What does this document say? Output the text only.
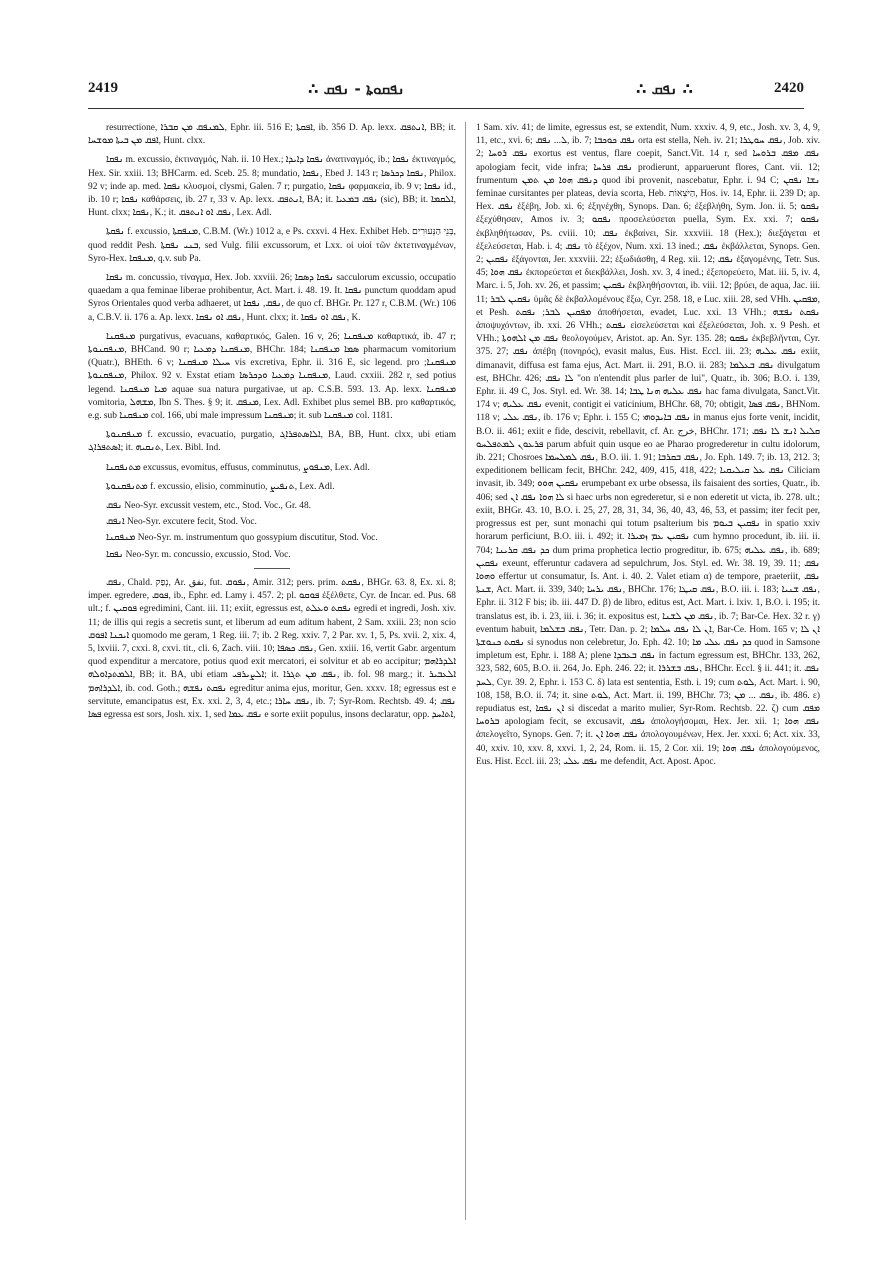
2419	ܢܦܩܘܬܐ - ܢܦܩ ∴	∴ ܢܦܩ ∴	2420

resurrectione, ܠܡܢܦܩ ܡܢ ܩܒܪܐ, Ephr. iii. 516 E; ܐܦܩܬܐ, ib. 356 D. Ap. lexx. ܐܢܬܦܩ, BB; it. ܐܦܩ ܡܢ ܒܝܬܐ ܡܘܫܚܐ, Hunt. clxx.

ܢܦܩܐ m. excussio, ἐκτιναγμός, Nah. ii. 10 Hex.; ܢܦܩܐ ܕܐܝܕܐ ἀνατιναγμός, ib.; ܢܦܩܐ ἐκτιναγμός, Hex. Sir. xxiii. 13; BHCarm. ed. Sceb. 25. 8; mundatio, ܢܦܩܐ, Ebed J. 143 r; ܢܦܩܐ ܕܟܪܣܐ, Philox. 92 v; inde ap. med. ܢܦܩܐ κλυσμοί, clysmi, Galen. 7 r; purgatio, ܢܦܩܐ φαρμακεία, ib. 9 v; ܢܦܩܐ id., ib. 10 r; ܢܦܩܐ καθάρσεις, ib. 27 r, 33 v. Ap. lexx. ܐܢܬܦܩ, BA; it. ܢܦܩ ܒܡܥܝܐ (sic), BB; it. ܐܠܩܡܐ, Hunt. clxx; ܢܦܩܐ, K.; it. ܢܦܩ ܐܘ ܐܢܬܦܩ, Lex. Adl.

ܢܦܩܬܐ f. excussio, ܡܢܦܩܬܐ, C.B.M. (Wr.) 1012 a, e Ps. cxxvi. 4 Hex. Exhibet Heb. בְּנֵי הַנְּעוּרִים, quod reddit Pesh. ܒܢܝ ܢܦܩܬܐ, sed Vulg. filii excussorum, et Lxx. οἱ υἱοὶ τῶν ἐκτετιναγμένων, Syro-Hex. ܡܢܦܩܐ, q.v. sub Pa.

ܢܦܩܐ m. concussio, τίναγμα, Hex. Job. xxviii. 26; ܢܦܩܐ ܕܣܩܐ sacculorum excussio, occupatio quaedam a qua feminae liberae prohibentur, Act. Mart. i. 48. 19. It. ܢܦܩܐ punctum quoddam apud Syros Orientales quod verba adhaeret, ut ܢܦܩ, ܢܦܩܐ, de quo cf. BHGr. Pr. 127 r, C.B.M. (Wr.) 106 a, C.B.V. ii. 176 a. Ap. lexx. ܢܦܩ ܐܘ ܢܦܩܐ, Hunt. clxx; it. ܢܦܩ ܐܘ ܢܦܩܐ, K.

ܡܢܦܩܢܐ purgativus, evacuans, καθαρτικός, Galen. 16 v, 26; ܡܢܦܩܢܐ καθαρτικά, ib. 47 r; ܡܢܦܩܢܘܬܐ, BHCand. 90 r; ܡܢܦܩܢܐ ܕܡܥܝܐ, BHChr. 184; ܣܡܐ ܡܢܦܩܢܐ pharmacum vomitorium (Quatr.), BHEth. 6 v; ܚܝܠܐ ܡܢܦܩܢܐ vis excretiva, Ephr. ii. 316 E, sic legend. pro ܡܢܦܩܢܐ; ܡܢܦܩܢܘܬܐ, Philox. 92 v. Exstat etiam ܡܢܦܩܢܐ ܕܡܥܝܐ ܘܕܟܪܣܐ, Laud. cxxiii. 282 r, sed potius legend. ܡܝܐ ܡܢܦܩܢܐ aquae sua natura purgativae, ut ap. C.S.B. 593. 13. Ap. lexx. ܡܢܦܩܢܐ vomitoria, ܡܫܗܠ, Ibn S. Thes. § 9; it. ܡܢܦܩ, Lex. Adl. Exhibet plus semel BB. pro καθαρτικός, e.g. sub ܡܢܦܩܢܐ col. 166, ubi male impressum ܡܢܦܩܢܐ; it. sub ܡܢܦܩܢܐ col. 1181.

ܡܢܦܩܢܘܬܐ f. excussio, evacuatio, purgatio, ܐܠܐܣܬܦܪܐܓ, BA, BB, Hunt. clxx, ubi etiam ܐܣܬܦܪܐܓ; it. ܬܢܩܝܗ, Lex. Bibl. Ind.

ܡܬܢܦܩܢܐ excussus, evomitus, effusus, comminutus, ܡܢܦܘܨ, Lex. Adl.

ܡܬܢܦܩܢܘܬܐ f. excussio, elisio, comminutio, ܬܢܦܝܨ, Lex. Adl.

ܢܦܩ Neo-Syr. excussit vestem, etc., Stod. Voc., Gr. 48.

ܐܢܦܩ Neo-Syr. excutere fecit, Stod. Voc.

ܡܢܦܩܢܐ Neo-Syr. m. instrumentum quo gossypium discutitur, Stod. Voc.

ܢܦܩܐ Neo-Syr. m. concussio, excussio, Stod. Voc.

ܢܦܩ, Chald. נְפַק, Ar. نفق, fut. ܢܦܘܩ, Amir. 312; pers. prim. ܢܦܩܬ, BHGr. 63. 8, Ex. xi. 8; imper. egredere, ܦܘܩ, ib., Ephr. ed. Lamy i. 457. 2; pl. ܦܘܩܘ ἐξέλθετε, Cyr. de Incar. ed. Pus. 68 ult.; f. ܦܘܩܝܢ egredimini, Cant. iii. 11; exiit, egressus est, ܢܦܩܬ ܘܥܠܬ egredi et ingredi, Josh. xiv. 11; de illis qui regis a secretis sunt, et liberum ad eum aditum habent, 2 Sam. xxiii. 23; non scio ܐܝܟܢܐ ܐܦܘܩ quomodo me geram, 1 Reg. iii. 7; ib. 2 Reg. xxiv. 7, 2 Par. xv. 1, 5, Ps. xvii. 2, xix. 4, 5, lxviii. 7, cxxi. 8, cxvi. tit., cli. 6, Zach. viii. 10; ܢܦܩ ܟܣܦܐ, Gen. xxiii. 16, vertit Gabr. argentum quod expenditur a mercatore, potius quod exit mercatori, ei solvitur et ab eo accipitur; ܐܠܕܪܐܗܡ ܐܠܡܬܕܐܘܠܗ, BB; it. BA, ubi etiam ܐܠܨܝܪܦܝ; it. ܢܦܩ ܡܢ ܬܓܪܐ, ib. fol. 98 marg.; it. ܐܠܥܒܝܪ ܐܠܕܪܐܗܡ, ib. cod. Goth.; ܢܦܩܬ ܢܦܫܗ egreditur anima ejus, moritur, Gen. xxxv. 18; egressus est e servitute, emancipatus est, Ex. xxi. 2, 3, 4, etc.; ܢܦܩ ܚܐܪܐ, ib. 7; Syr-Rom. Rechtsb. 49. 4; ܢܦܩ ܦܣܐ egressa est sors, Josh. xix. 1, sed ܢܦܩ ܥܡܐ e sorte exiit populus, insons declaratur, opp. ܐܬܐܚܕ,

1 Sam. xiv. 41; de limite, egressus est, se extendit, Num. xxxiv. 4, 9, etc., Josh. xv. 3, 4, 9, 11, etc., xvi. 6; ܠ... ܢܦܩ, ib. 7; ܢܦܩ ܟܘܟܒܐ orta est stella, Neh. iv. 21; ܢܦܩ ܚܘܛܪܐ, Job. xiv. 2; ܢܦܩ ܪܘܚܐ exortus est ventus, flare coepit, Sanct.Vit. 14 r, sed ܢܦܩ ܡܦܩ ܒܪܘܚܐ apologiam fecit, vide infra; ܢܦܩ ܦܪܚܐ prodierunt, apparuerunt flores, Cant. vii. 12; frumentum ܕܢܦܩ ܗܘܐ ܡܢ ܬܡܢ quod ibi provenit, nascebatur, Ephr. i. 94 C; ܢܫܐ ܢܦܩܢ feminae cursitantes per plateas, devia scorta, Heb. הַיֹּצְאוֹת, Hos. iv. 14, Ephr. ii. 239 D; ap. Hex. ܢܦܩ ἐξέβη, Job. xi. 6; ἐξηνέχθη, Synops. Dan. 6; ἐξεβλήθη, Sym. Jon. ii. 5; ܢܦܩܘ ἐξεχύθησαν, Amos iv. 3; ܢܦܩܘ προσελεύσεται puella, Sym. Ex. xxi. 7; ܢܦܩܘ ἐκβληθήτωσαν, Ps. cviii. 10; ܢܦܩ ἐκβαίνει, Sir. xxxviii. 18 (Hex.); διεξάγεται et ἐξελεύσεται, Hab. i. 4; ܢܦܩ τὸ ἐξέχον, Num. xxi. 13 ined.; ܢܦܩ ἐκβάλλεται, Synops. Gen. 2; ܢܦܩܝܢ ἐξάγονται, Jer. xxxviii. 22; ἐξωδιάσθη, 4 Reg. xii. 12; ܢܦܩ ἐξαγομένης, Tetr. Sus. 45; ܢܦܩ ܗܘܐ ἐκπορεύεται et διεκβάλλει, Josh. xv. 3, 4 ined.; ἐξεπορεύετο, Mat. iii. 5, iv. 4, Marc. i. 5, Joh. xv. 26, et passim; ܢܦܩܝܢ ἐκβληθήσονται, ib. viii. 12; βρύει, de aqua, Jac. iii. 11; ܢܦܩܝܢ ܠܒܪ ὑμᾶς δὲ ἐκβαλλομένους ἔξω, Cyr. 258. 18, e Luc. xiii. 28, sed VHh. ܡܦܩܝܢ, et Pesh. ܡܦܩܝܢ ܠܒܪ; ܢܦܩܬ ἀποθήσεται, evadet, Luc. xxi. 13 VHh.; ܢܦܩܬ ܢܦܫܗ ἀποψυχόντων, ib. xxi. 26 VHh.; ܢܦܩܬ εἰσελεύσεται καὶ ἐξελεύσεται, Joh. x. 9 Pesh. et VHh.; ܢܦܩ ܡܢ ܐܠܗܘܬܐ θεολογούμεν, Aristot. ap. An. Syr. 135. 28; ܢܦܩܘ ἐκβεβλῆνται, Cyr. 375. 27; ܢܦܩ ἀπέβη (πονηρός), evasit malus, Eus. Hist. Eccl. iii. 23; ܢܦܩ ܥܠܝܗ exiit, dimanavit, diffusa est fama ejus, Act. Mart. ii. 291, B.O. ii. 283; ܢܦܩ ܒܥܠܡܐ divulgatum est, BHChr. 426; ܠܐ ܢܦܩ "on n'entendit plus parler de lui", Quatr., ib. 306; B.O. i. 139, Ephr. ii. 49 C, Jos. Styl. ed. Wr. 38. 14; ܢܦܩ ܥܠܝܗ ܗܢܐ ܛܒܐ hac fama divulgata, Sanct.Vit. 174 v; ܢܦܩ ܥܠܝܗ evenit, contigit ei vaticinium, BHChr. 68, 70; obtigit, ܢܦܩ ܦܣܐ, BHNom. 118 v; ܢܦܩ ܥܠܝ, ib. 176 v; Ephr. i. 155 C; ܢܦܩ ܒܐܝܕܘܗܝ in manus ejus forte venit, incidit, B.O. ii. 461; exiit e fide, descivit, rebellavit, cf. Ar. خرج, BHChr. 171; ܩܠܝܠ ܐܢܫ ܠܐ ܢܦܩ ܦܪܥܘܢ ܠܡܬܦܠܚܘ parum abfuit quin usque eo ae Pharao progrederetur in cultu idolorum, ib. 221; Chosroes ܢܦܩ ܠܡܠܚܡܐ, B.O. iii. 1. 91; ܢܦܩ ܒܩܪܒܐ, Jo. Eph. 149. 7; ib. 13, 212. 3; expeditionem bellicam fecit, BHChr. 242, 409, 415, 418, 422; ܢܦܩ ܥܠ ܩܝܠܝܩܝܐ Ciliciam invasit, ib. 349; ܢܦܩܝܢ ܗܘܘ erumpebant ex urbe obsessa, ils faisaient des sorties, Quatr., ib. 406; sed ܠܐ ܗܘܐ ܢܦܩ ܐܢ si haec urbs non egrederetur, si e non ederetit ut victa, ib. 278. ult.; exiit, BHGr. 43. 10, B.O. i. 25, 27, 28, 31, 34, 36, 40, 43, 46, 53, et passim; iter fecit per, progressus est per, sunt monachi qui totum psalterium bis ܢܦܩܝܢ ܒܝܘܡ in spatio xxiv horarum perficiunt, B.O. iii. i. 492; it. ܢܦܩܝܢ ܥܡ ܙܡܝܪܐ cum hymno procedunt, ib. iii. ii. 704; ܟܕ ܢܦܩ ܩܪܝܢܐ dum prima prophetica lectio progreditur, ib. 675; ܢܦܩ ܥܠܝܗ, ib. 689; ܢܦܩܝܢ exeunt, efferuntur cadavera ad sepulchrum, Jos. Styl. ed. Wr. 38. 19, 39. 11; ܢܦܩ ܘܗܘܐ effertur ut consumatur, Is. Ant. i. 40. 2. Valet etiam α) de tempore, praeteriit, ܢܦܩ ܫܢܬܐ, Act. Mart. ii. 339, 340; ܢܦܩ ܝܪܚܐ, BHChr. 176; ܢܦܩ ܩܝܛܐ, B.O. iii. i. 183; ܢܦܩ ܫܢܝܐ, Ephr. ii. 312 F bis; ib. iii. 447 D. β) de libro, editus est, Act. Mart. i. lxiv. 1, B.O. i. 195; it. translatus est, ib. i. 23, iii. i. 36; it. expositus est, ܢܦܩ ܡܢ ܠܫܢܐ, ib. 7; Bar-Ce. Hex. 32 r. γ) eventum habuit, ܢܦܩ ܒܫܠܡܐ, Tetr. Dan. p. 2; ܐܢ ܠܐ ܢܦܩ ܚܠܡܐ, Bar-Ce. Hom. 165 v; ܐܢ ܠܐ ܢܦܩܬ ܟܢܘܫܬܐ si synodus non celebretur, Jo. Eph. 42. 10; ܟܕ ܢܦܩ ܥܠܝ ܡܐ quod in Samsone impletum est, Ephr. i. 188 A; plene ܢܦܩ ܒܥܒܕܐ in factum egressum est, BHChr. 133, 262, 323, 582, 605, B.O. ii. 264, Jo. Eph. 246. 22; it. ܢܦܩ ܒܫܪܪܐ, BHChr. Eccl. § ii. 441; it. ܢܦܩ ܠܚܕ, Cyr. 39. 2, Ephr. i. 153 C. δ) lata est sententia, Esth. i. 19; cum ܠܘܬ, Act. Mart. i. 90, 108, 158, B.O. ii. 74; it. sine ܠܘܬ, Act. Mart. ii. 199, BHChr. 73; ܢܦܩ ... ܡܢ, ib. 486. ε) repudiatus est, ܐܢ ܢܦܩܐ si discedat a marito mulier, Syr-Rom. Rechtsb. 22. ζ) cum ܡܦܩ ܒܪܘܚܐ apologiam fecit, se excusavit, ܢܦܩ ἀπολογήσομαι, Hex. Jer. xii. 1; ܢܦܩ ܗܘܐ ἀπελογεῖτο, Synops. Gen. 7; it. ܢܦܩ ܗܘܐ ܐܢ ἀπολογουμένων, Hex. Jer. xxxi. 6; Act. xix. 33, 40, xxiv. 10, xxv. 8, xxvi. 1, 2, 24, Rom. ii. 15, 2 Cor. xii. 19; ܢܦܩ ܗܘܐ ἀπολογούμενος, Eus. Hist. Eccl. iii. 23; ܢܦܩ ܥܠܝ me defendit, Act. Apost. Apoc.
